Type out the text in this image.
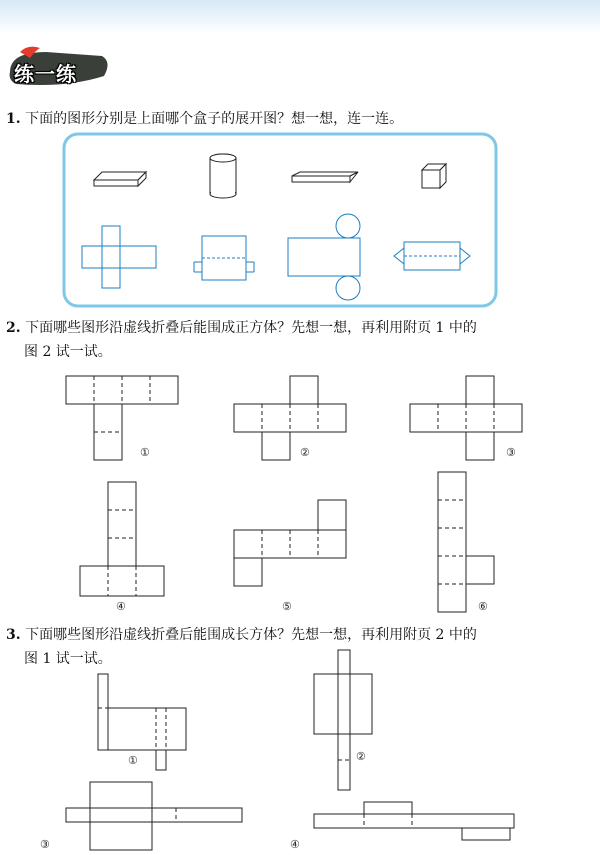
练一练
1. 下面的图形分别是上面哪个盒子的展开图？想一想，连一连。
2. 下面哪些图形沿虚线折叠后能围成正方体？先想一想，再利用附页 1 中的
图 2 试一试。
3. 下面哪些图形沿虚线折叠后能围成长方体？先想一想，再利用附页 2 中的
图 1 试一试。
①	②	③
④	⑤	⑥
①	②
③	④
